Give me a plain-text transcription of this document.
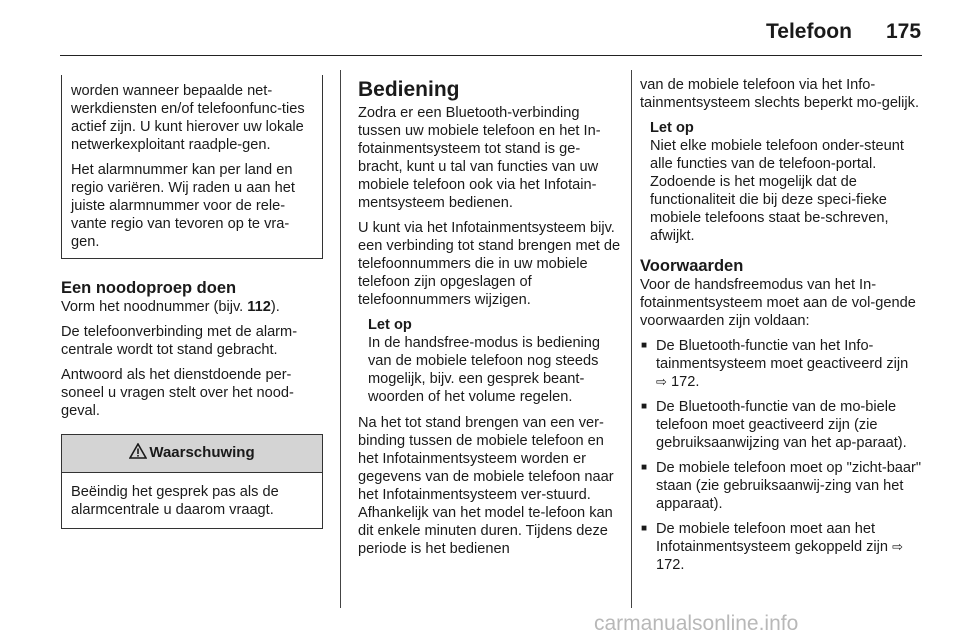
Telefoon 175

worden wanneer bepaalde net-werkdiensten en/of telefoonfunc-ties actief zijn. U kunt hierover uw lokale netwerkexploitant raadple-gen.

Het alarmnummer kan per land en regio variëren. Wij raden u aan het juiste alarmnummer voor de rele-vante regio van tevoren op te vra-gen.

Een noodoproep doen

Vorm het noodnummer (bijv. 112).

De telefoonverbinding met de alarm-centrale wordt tot stand gebracht.

Antwoord als het dienstdoende per-soneel u vragen stelt over het nood-geval.

Waarschuwing
Beëindig het gesprek pas als de alarmcentrale u daarom vraagt.
Bediening

Zodra er een Bluetooth-verbinding tussen uw mobiele telefoon en het In-fotainmentsysteem tot stand is ge-bracht, kunt u tal van functies van uw mobiele telefoon ook via het Infotain-mentsysteem bedienen.

U kunt via het Infotainmentsysteem bijv. een verbinding tot stand brengen met de telefoonnummers die in uw mobiele telefoon zijn opgeslagen of telefoonnummers wijzigen.

Let op
In de handsfree-modus is bediening van de mobiele telefoon nog steeds mogelijk, bijv. een gesprek beant-woorden of het volume regelen.

Na het tot stand brengen van een ver-binding tussen de mobiele telefoon en het Infotainmentsysteem worden er gegevens van de mobiele telefoon naar het Infotainmentsysteem ver-stuurd. Afhankelijk van het model te-lefoon kan dit enkele minuten duren. Tijdens deze periode is het bedienen

van de mobiele telefoon via het Info-tainmentsysteem slechts beperkt mo-gelijk.

Let op
Niet elke mobiele telefoon onder-steunt alle functies van de telefoon-portal. Zodoende is het mogelijk dat de functionaliteit die bij deze speci-fieke mobiele telefoons staat be-schreven, afwijkt.
Voorwaarden

Voor de handsfreemodus van het In-fotainmentsysteem moet aan de vol-gende voorwaarden zijn voldaan:

■ De Bluetooth-functie van het Info-tainmentsysteem moet geactiveerd zijn ⇨ 172.
■ De Bluetooth-functie van de mo-biele telefoon moet geactiveerd zijn (zie gebruiksaanwijzing van het ap-paraat).
■ De mobiele telefoon moet op "zicht-baar" staan (zie gebruiksaanwij-zing van het apparaat).
■ De mobiele telefoon moet aan het Infotainmentsysteem gekoppeld zijn ⇨ 172.
carmanualsonline.info
